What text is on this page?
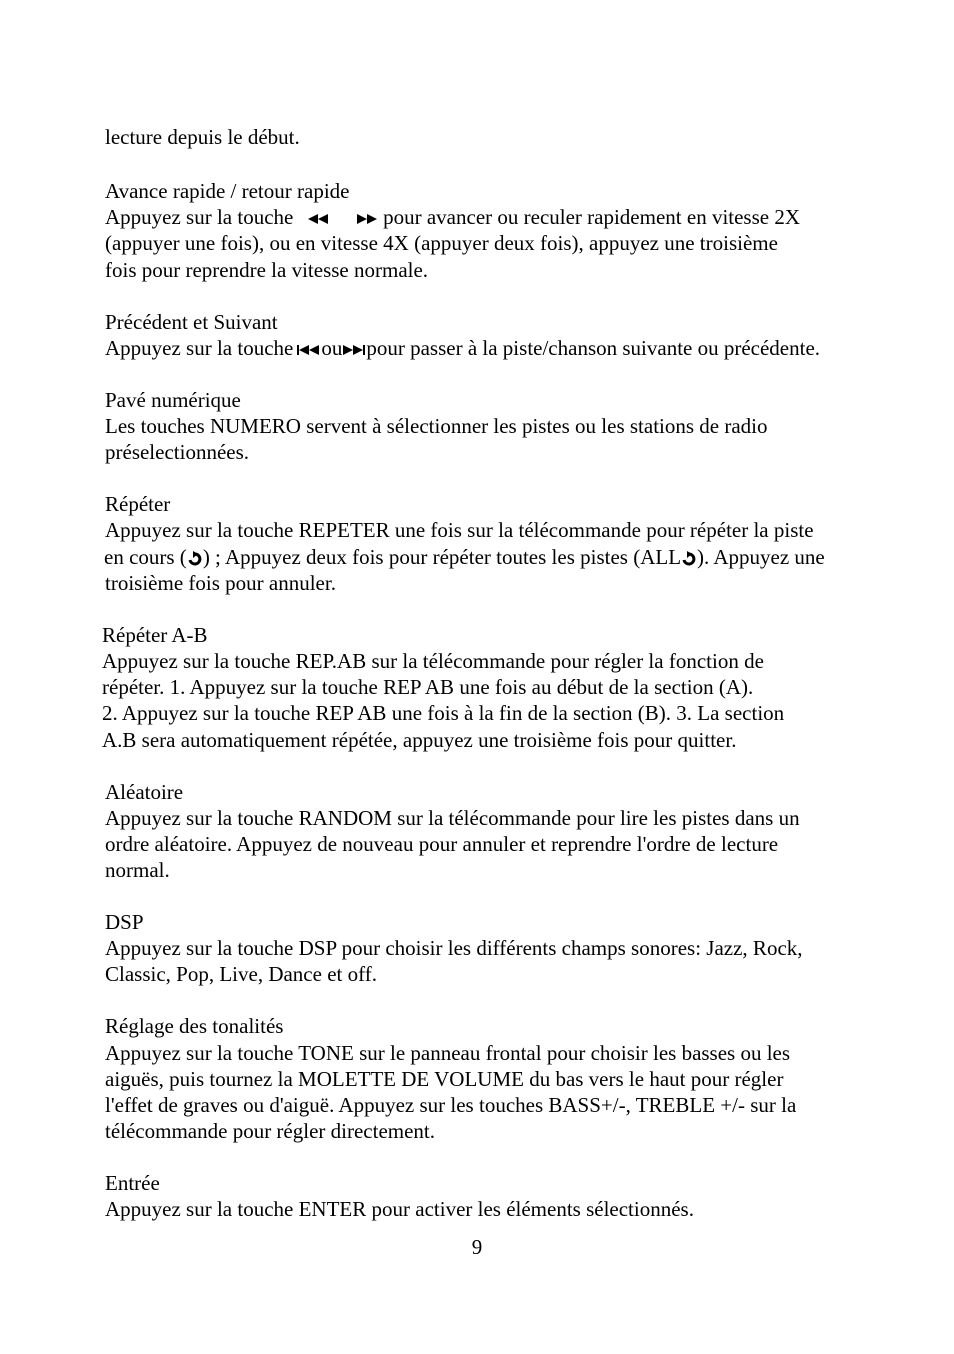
lecture depuis le début.
Avance rapide / retour rapide
Appuyez sur la touche
	pour avancer ou reculer rapidement en vitesse 2X
(appuyer une fois), ou en vitesse 4X (appuyer deux fois), appuyez une troisième
fois pour reprendre la vitesse normale.
Précédent et Suivant
Appuyez sur la touche ou pour passer à la piste/chanson suivante ou précédente.
Pavé numérique
Les touches NUMERO servent à sélectionner les pistes ou les stations de radio
préselectionnées.
Répéter
Appuyez sur la touche REPETER une fois sur la télécommande pour répéter la piste
en cours ( ) ; Appuyez deux fois pour répéter toutes les pistes (ALL ). Appuyez une
troisième fois pour annuler.
Répéter A-B
Appuyez sur la touche REP.AB sur la télécommande pour régler la fonction de
répéter. 1. Appuyez sur la touche REP AB une fois au début de la section (A).
2. Appuyez sur la touche REP AB une fois à la fin de la section (B). 3. La section
A.B sera automatiquement répétée, appuyez une troisième fois pour quitter.
Aléatoire
Appuyez sur la touche RANDOM sur la télécommande pour lire les pistes dans un
ordre aléatoire. Appuyez de nouveau pour annuler et reprendre l'ordre de lecture
normal.
DSP
Appuyez sur la touche DSP pour choisir les différents champs sonores: Jazz, Rock,
Classic, Pop, Live, Dance et off.
Réglage des tonalités
Appuyez sur la touche TONE sur le panneau frontal pour choisir les basses ou les
aiguës, puis tournez la MOLETTE DE VOLUME du bas vers le haut pour régler
l'effet de graves ou d'aiguë. Appuyez sur les touches BASS+/-, TREBLE +/- sur la
télécommande pour régler directement.
Entrée
Appuyez sur la touche ENTER pour activer les éléments sélectionnés.
9
